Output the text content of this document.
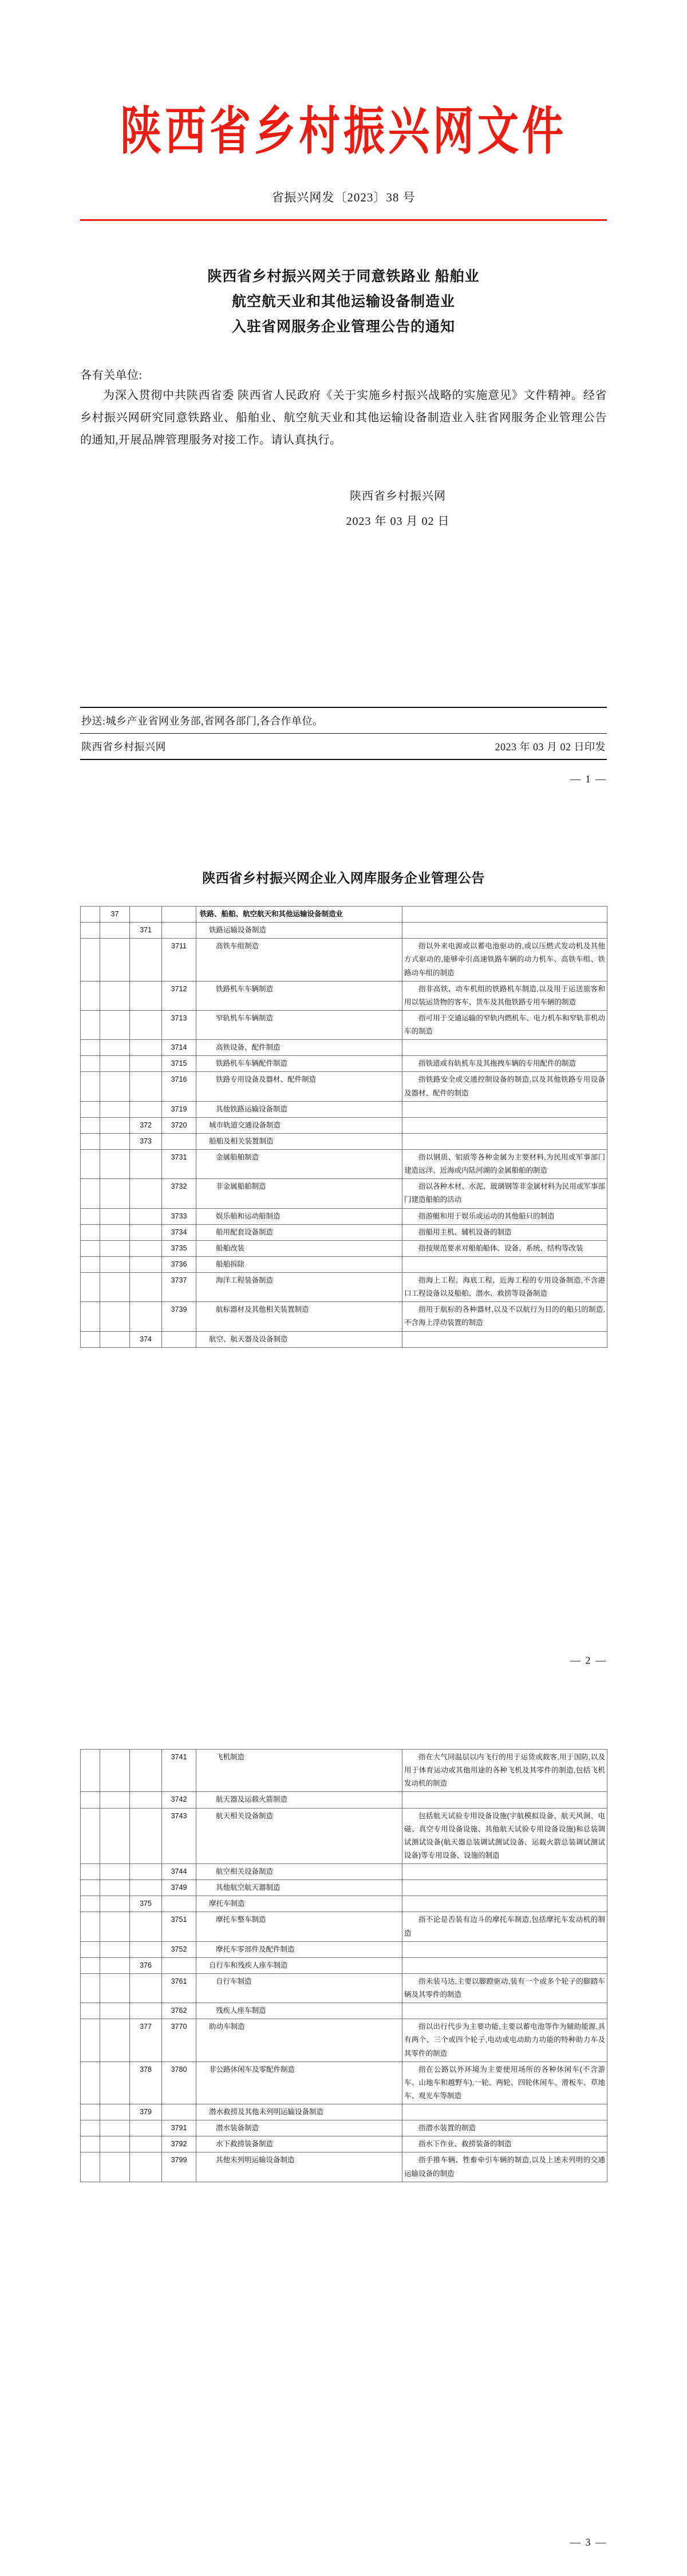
陕西省乡村振兴网文件
省振兴网发〔2023〕38 号
陕西省乡村振兴网关于同意铁路业 船舶业
航空航天业和其他运输设备制造业
入驻省网服务企业管理公告的通知
各有关单位:
为深入贯彻中共陕西省委 陕西省人民政府《关于实施乡村振兴战略的实施意见》文件精神。经省乡村振兴网研究同意铁路业、船舶业、航空航天业和其他运输设备制造业入驻省网服务企业管理公告的通知,开展品牌管理服务对接工作。请认真执行。
陕西省乡村振兴网
2023 年 03 月 02 日
抄送:城乡产业省网业务部,省网各部门,各合作单位。
陕西省乡村振兴网	2023 年 03 月 02 日印发
— 1 —
陕西省乡村振兴网企业入网库服务企业管理公告
	37			铁路、船舶、航空航天和其他运输设备制造业	
		371		铁路运输设备制造	
			3711	高铁车组制造	指以外来电源或以蓄电池驱动的,或以压燃式发动机及其他方式驱动的,能够牵引高速铁路车辆的动力机车、高铁车组、铁路动车组的制造

			3712	铁路机车车辆制造	指非高铁、动车机组的铁路机车制造,以及用于运送旅客和用以装运货物的客车、货车及其他铁路专用车辆的制造

			3713	窄轨机车车辆制造	指可用于交通运输的窄轨内燃机车、电力机车和窄轨非机动车的制造

			3714	高铁设备、配件制造	
			3715	铁路机车车辆配件制造	指铁道或有轨机车及其拖拽车辆的专用配件的制造

			3716	铁路专用设备及器材、配件制造	指铁路安全或交通控制设备的制造,以及其他铁路专用设备及器材、配件的制造

			3719	其他铁路运输设备制造	
		372	3720	城市轨道交通设备制造	
		373		船舶及相关装置制造	
			3731	金属船舶制造	指以钢质、铝质等各种金属为主要材料,为民用或军事部门建造远洋、近海或内陆河湖的金属船舶的制造

			3732	非金属船舶制造	指以各种木材、水泥、玻璃钢等非金属材料为民用或军事部门建造船舶的活动

			3733	娱乐船和运动船制造	指游艇和用于娱乐或运动的其他船只的制造

			3734	船用配套设备制造	指船用主机、辅机设备的制造

			3735	船舶改装	指按规范要求对船舶船体、设备、系统、结构等改装

			3736	船舶拆除	
			3737	海洋工程装备制造	指海上工程、海底工程、近海工程的专用设备制造,不含港口工程设备以及船舶、潜水、救捞等设备制造

			3739	航标器材及其他相关装置制造	指用于航标的各种器材,以及不以航行为目的的船只的制造,不含海上浮动装置的制造

		374		航空、航天器及设备制造	
— 2 —
			3741	飞机制造	指在大气同温层以内飞行的用于运货或载客,用于国防,以及用于体育运动或其他用途的各种飞机及其零件的制造,包括飞机发动机的制造

			3742	航天器及运载火箭制造	
			3743	航天相关设备制造	包括航天试验专用设备设施(宇航模拟设备、航天风洞、电磁、真空专用设备设施、其他航天试验专用设备设施)和总装调试测试设备(航天器总装调试测试设备、运载火箭总装调试测试设备)等专用设备、设施的制造

			3744	航空相关设备制造	
			3749	其他航空航天器制造	
		375		摩托车制造	
			3751	摩托车整车制造	指不论是否装有边斗的摩托车制造,包括摩托车发动机的制造

			3752	摩托车零部件及配件制造	
		376		自行车和残疾人座车制造	
			3761	自行车制造	指未装马达,主要以脚蹬驱动,装有一个或多个轮子的脚踏车辆及其零件的制造

			3762	残疾人座车制造	
		377	3770	助动车制造	指以出行代步为主要功能,主要以蓄电池等作为辅助能源,具有两个、三个或四个轮子,电动或电动助力功能的特种助力车及其零件的制造

		378	3780	非公路休闲车及零配件制造	指在公路以外环境为主要使用场所的各种休闲车(不含游车、山地车和越野车),一轮、两轮、四轮休闲车、滑板车、草地车、观光车等制造

		379		潜水救捞及其他未列明运输设备制造	
			3791	潜水装备制造	指潜水装置的制造

			3792	水下救捞装备制造	指水下作业、救捞装备的制造

			3799	其他未列明运输设备制造	指手推车辆、牲畜牵引车辆的制造,以及上述未列明的交通运输设备的制造
— 3 —
